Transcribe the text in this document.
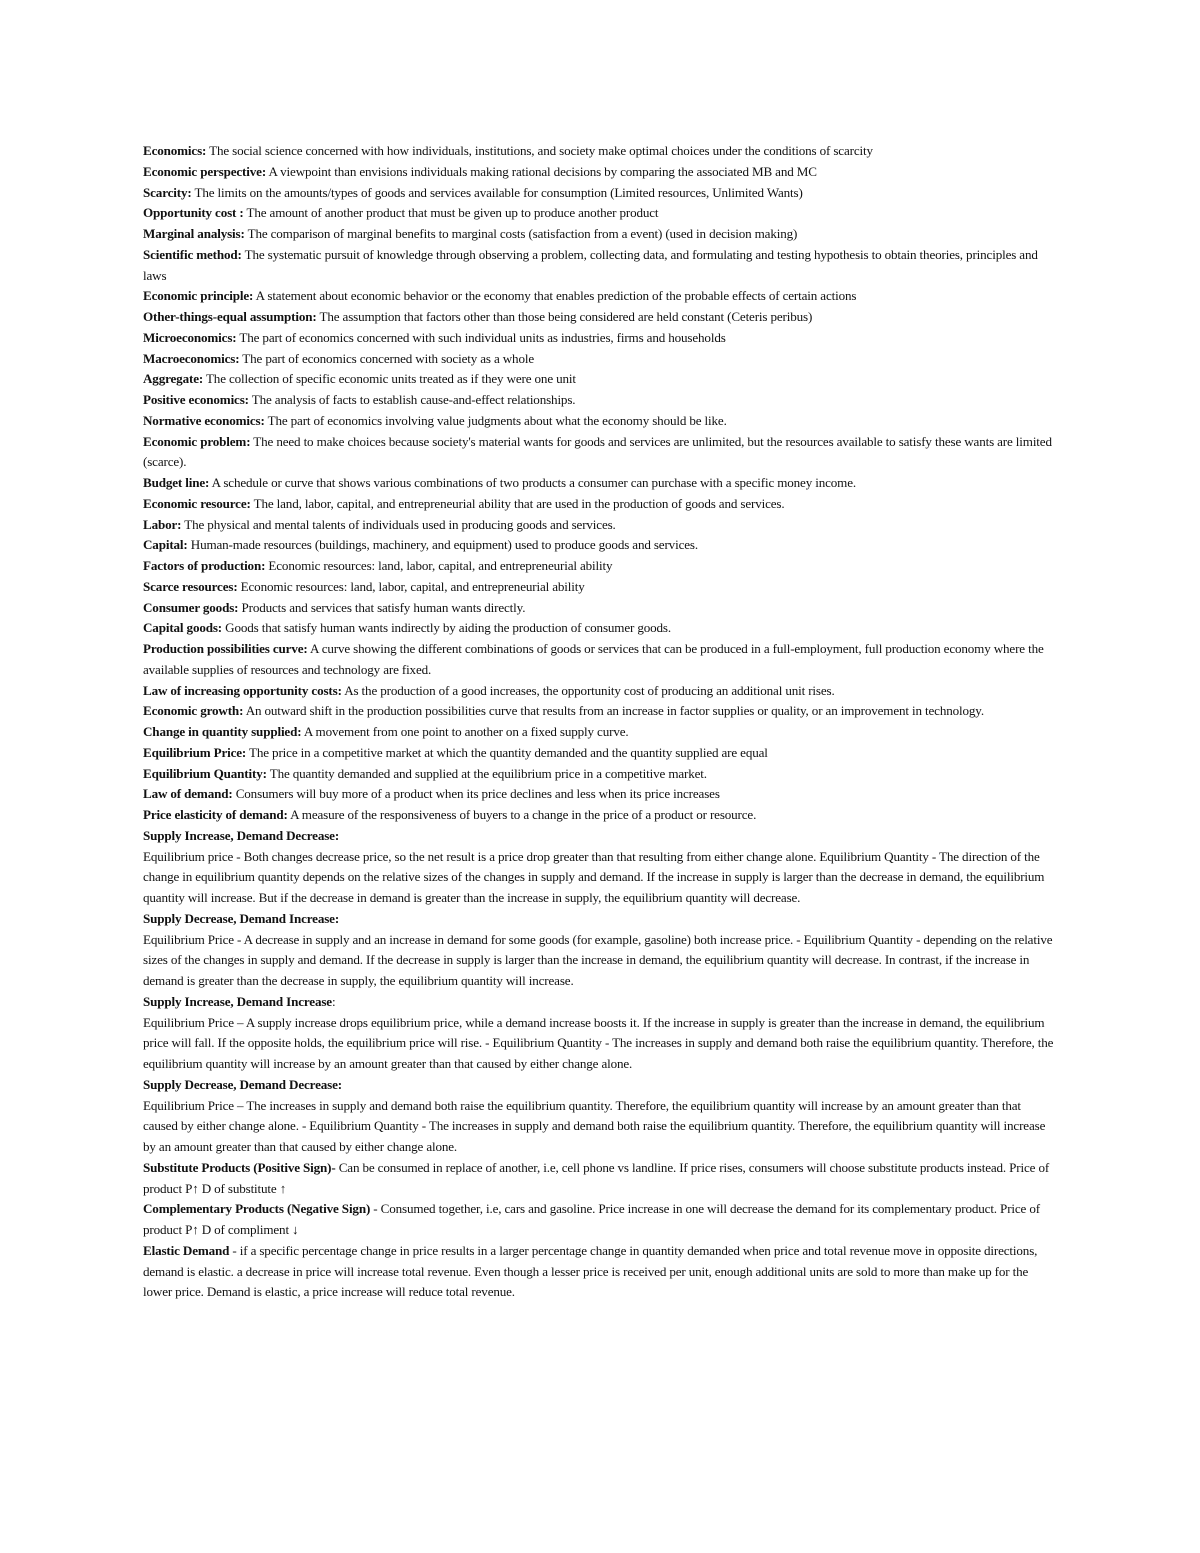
Economics: The social science concerned with how individuals, institutions, and society make optimal choices under the conditions of scarcity

Economic perspective: A viewpoint than envisions individuals making rational decisions by comparing the associated MB and MC

Scarcity: The limits on the amounts/types of goods and services available for consumption (Limited resources, Unlimited Wants)

Opportunity cost : The amount of another product that must be given up to produce another product

Marginal analysis: The comparison of marginal benefits to marginal costs (satisfaction from a event) (used in decision making)

Scientific method: The systematic pursuit of knowledge through observing a problem, collecting data, and formulating and testing hypothesis to obtain theories, principles and laws

Economic principle: A statement about economic behavior or the economy that enables prediction of the probable effects of certain actions

Other-things-equal assumption: The assumption that factors other than those being considered are held constant (Ceteris peribus)

Microeconomics: The part of economics concerned with such individual units as industries, firms and households

Macroeconomics: The part of economics concerned with society as a whole

Aggregate: The collection of specific economic units treated as if they were one unit

Positive economics: The analysis of facts to establish cause-and-effect relationships.

Normative economics: The part of economics involving value judgments about what the economy should be like.

Economic problem: The need to make choices because society's material wants for goods and services are unlimited, but the resources available to satisfy these wants are limited (scarce).

Budget line: A schedule or curve that shows various combinations of two products a consumer can purchase with a specific money income.

Economic resource: The land, labor, capital, and entrepreneurial ability that are used in the production of goods and services.

Labor: The physical and mental talents of individuals used in producing goods and services.

Capital: Human-made resources (buildings, machinery, and equipment) used to produce goods and services.

Factors of production: Economic resources: land, labor, capital, and entrepreneurial ability

Scarce resources: Economic resources: land, labor, capital, and entrepreneurial ability

Consumer goods: Products and services that satisfy human wants directly.

Capital goods: Goods that satisfy human wants indirectly by aiding the production of consumer goods.

Production possibilities curve: A curve showing the different combinations of goods or services that can be produced in a full-employment, full production economy where the available supplies of resources and technology are fixed.

Law of increasing opportunity costs: As the production of a good increases, the opportunity cost of producing an additional unit rises.

Economic growth: An outward shift in the production possibilities curve that results from an increase in factor supplies or quality, or an improvement in technology.

Change in quantity supplied: A movement from one point to another on a fixed supply curve.

Equilibrium Price: The price in a competitive market at which the quantity demanded and the quantity supplied are equal

Equilibrium Quantity: The quantity demanded and supplied at the equilibrium price in a competitive market.

Law of demand: Consumers will buy more of a product when its price declines and less when its price increases

Price elasticity of demand: A measure of the responsiveness of buyers to a change in the price of a product or resource.

Supply Increase, Demand Decrease:

Equilibrium price - Both changes decrease price, so the net result is a price drop greater than that resulting from either change alone. Equilibrium Quantity - The direction of the change in equilibrium quantity depends on the relative sizes of the changes in supply and demand. If the increase in supply is larger than the decrease in demand, the equilibrium quantity will increase. But if the decrease in demand is greater than the increase in supply, the equilibrium quantity will decrease.

Supply Decrease, Demand Increase:

Equilibrium Price - A decrease in supply and an increase in demand for some goods (for example, gasoline) both increase price. - Equilibrium Quantity - depending on the relative sizes of the changes in supply and demand. If the decrease in supply is larger than the increase in demand, the equilibrium quantity will decrease. In contrast, if the increase in demand is greater than the decrease in supply, the equilibrium quantity will increase.

Supply Increase, Demand Increase:

Equilibrium Price – A supply increase drops equilibrium price, while a demand increase boosts it. If the increase in supply is greater than the increase in demand, the equilibrium price will fall. If the opposite holds, the equilibrium price will rise. - Equilibrium Quantity - The increases in supply and demand both raise the equilibrium quantity. Therefore, the equilibrium quantity will increase by an amount greater than that caused by either change alone.

Supply Decrease, Demand Decrease:

Equilibrium Price – The increases in supply and demand both raise the equilibrium quantity. Therefore, the equilibrium quantity will increase by an amount greater than that caused by either change alone. - Equilibrium Quantity - The increases in supply and demand both raise the equilibrium quantity. Therefore, the equilibrium quantity will increase by an amount greater than that caused by either change alone.

Substitute Products (Positive Sign)- Can be consumed in replace of another, i.e, cell phone vs landline. If price rises, consumers will choose substitute products instead. Price of product P↑ D of substitute ↑

Complementary Products (Negative Sign) - Consumed together, i.e, cars and gasoline. Price increase in one will decrease the demand for its complementary product. Price of product P↑ D of compliment ↓

Elastic Demand - if a specific percentage change in price results in a larger percentage change in quantity demanded when price and total revenue move in opposite directions, demand is elastic. a decrease in price will increase total revenue. Even though a lesser price is received per unit, enough additional units are sold to more than make up for the lower price. Demand is elastic, a price increase will reduce total revenue.
